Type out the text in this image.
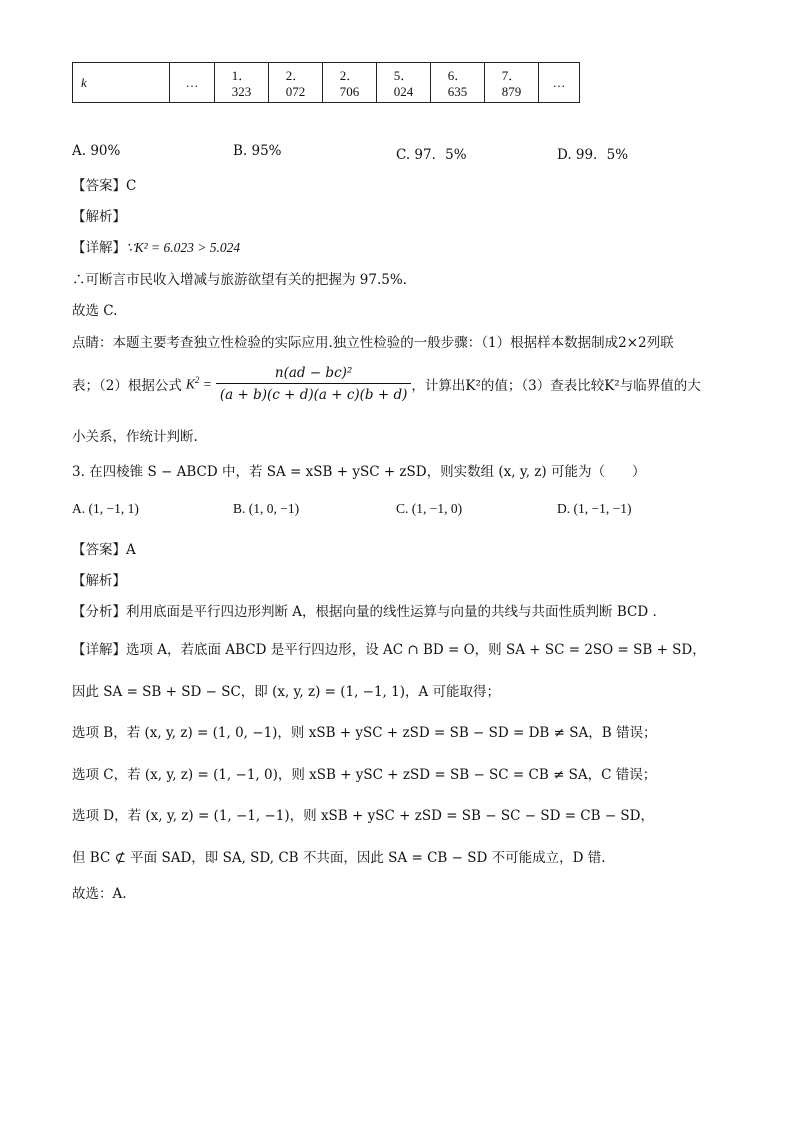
k	…	1．323	2．072	2．706	5．024	6．635	7．879	…
A. 90%	B. 95%	C. 97．5%	D. 99．5%
【答案】C
【解析】
【详解】∵K² = 6.023 > 5.024
∴可断言市民收入增减与旅游欲望有关的把握为 97.5%.
故选 C.
点睛：本题主要考查独立性检验的实际应用.独立性检验的一般步骤：（1）根据样本数据制成2×2列联
表；（2）根据公式 $K^2 = \frac{\text{n(ad − bc)²}}{(a + b)(c + d)(a + c)(b + d)}$ ，计算出K²的值；（3）查表比较K²与临界值的大
小关系，作统计判断.
3. 在四棱锥 S − ABCD 中，若 SA = xSB + ySC + zSD，则实数组 (x, y, z) 可能为（　　）
A. (1, −1, 1)	B. (1, 0, −1)	C. (1, −1, 0)	D. (1, −1, −1)
【答案】A
【解析】
【分析】利用底面是平行四边形判断 A，根据向量的线性运算与向量的共线与共面性质判断 BCD .
【详解】选项 A，若底面 ABCD 是平行四边形，设 AC ∩ BD = O，则 SA + SC = 2SO = SB + SD，
因此 SA = SB + SD − SC，即 (x, y, z) = (1, −1, 1)，A 可能取得；
选项 B，若 (x, y, z) = (1, 0, −1)，则 xSB + ySC + zSD = SB − SD = DB ≠ SA，B 错误；
选项 C，若 (x, y, z) = (1, −1, 0)，则 xSB + ySC + zSD = SB − SC = CB ≠ SA，C 错误；
选项 D，若 (x, y, z) = (1, −1, −1)，则 xSB + ySC + zSD = SB − SC − SD = CB − SD，
但 BC ⊄ 平面 SAD，即 SA, SD, CB 不共面，因此 SA = CB − SD 不可能成立，D 错.
故选：A.
